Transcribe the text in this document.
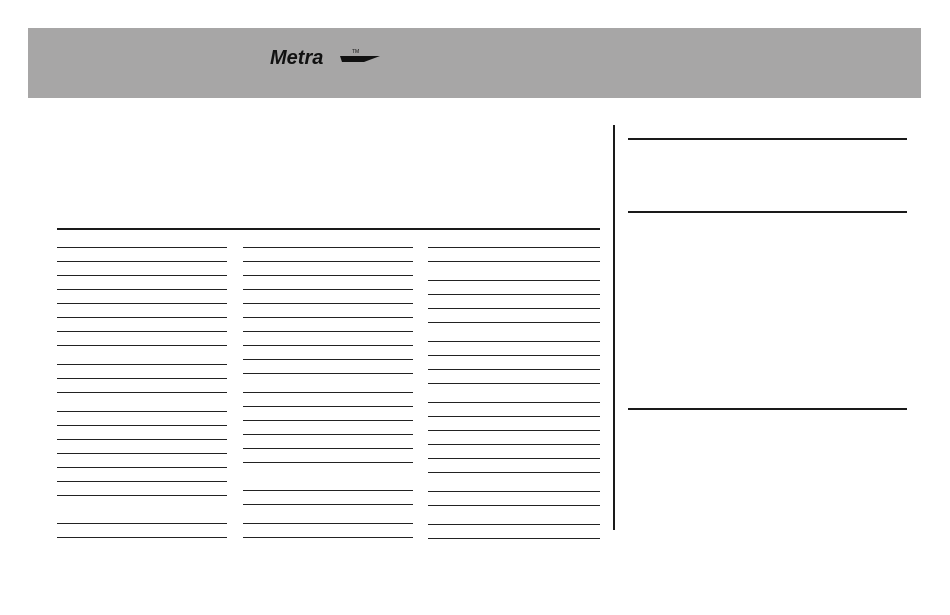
Metra	TM
